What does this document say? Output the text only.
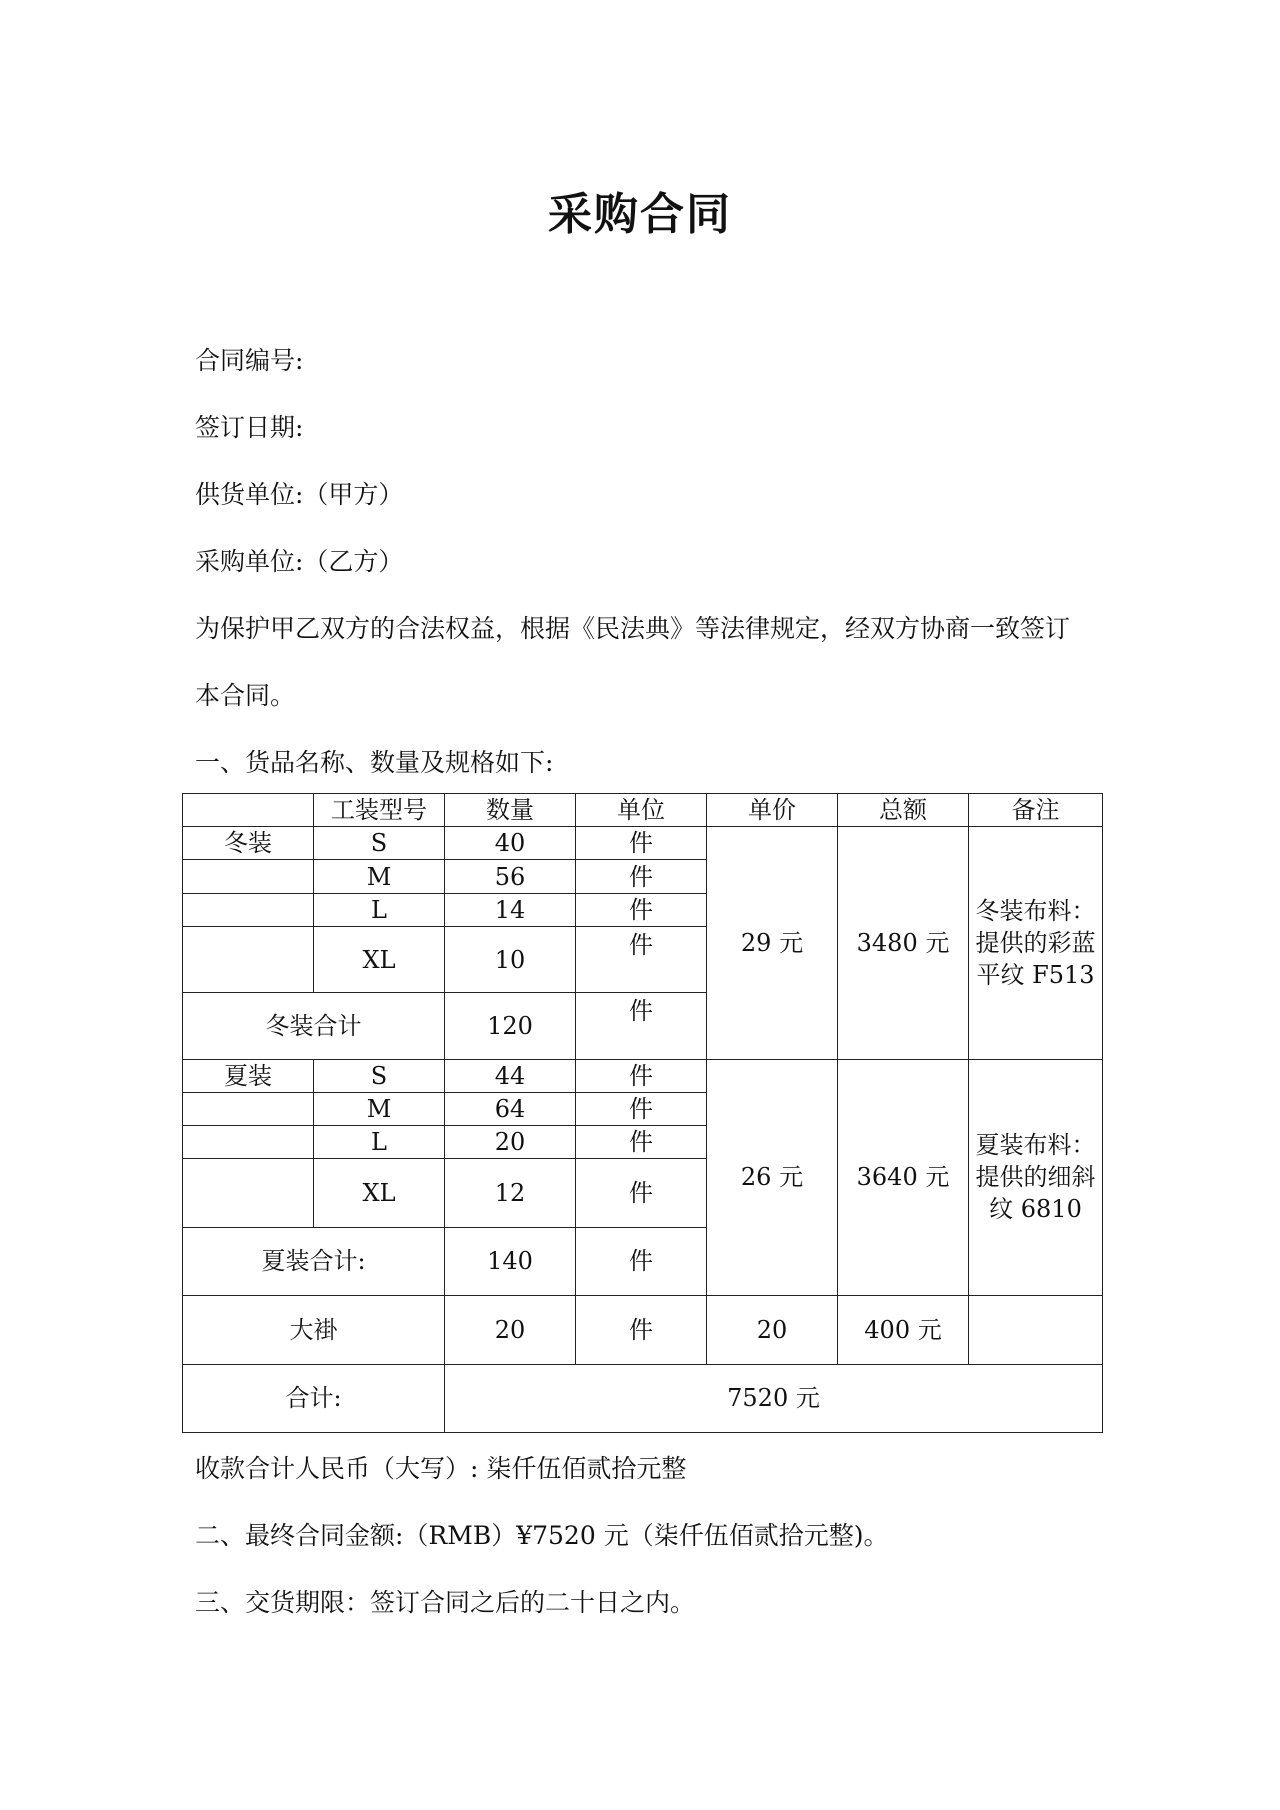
采购合同
合同编号:
签订日期:
供货单位:（甲方）
采购单位:（乙方）
为保护甲乙双方的合法权益，根据《民法典》等法律规定，经双方协商一致签订
本合同。
一、货品名称、数量及规格如下:
	工装型号	数量	单位	单价	总额	备注
冬装	S	40	件	29 元	3480 元	冬装布料：提供的彩蓝平纹 F513
	M	56	件			
	L	14	件			
	XL	10	件			
冬装合计		120	件			
夏装	S	44	件	26 元	3640 元	夏装布料：提供的细斜纹 6810
	M	64	件			
	L	20	件			
	XL	12	件			
夏装合计:		140	件			
大褂		20	件	20	400 元	
合计:		7520 元				
收款合计人民币（大写）: 柒仟伍佰贰拾元整
二、最终合同金额:（RMB）¥7520 元（柒仟伍佰贰拾元整)。
三、交货期限：签订合同之后的二十日之内。
